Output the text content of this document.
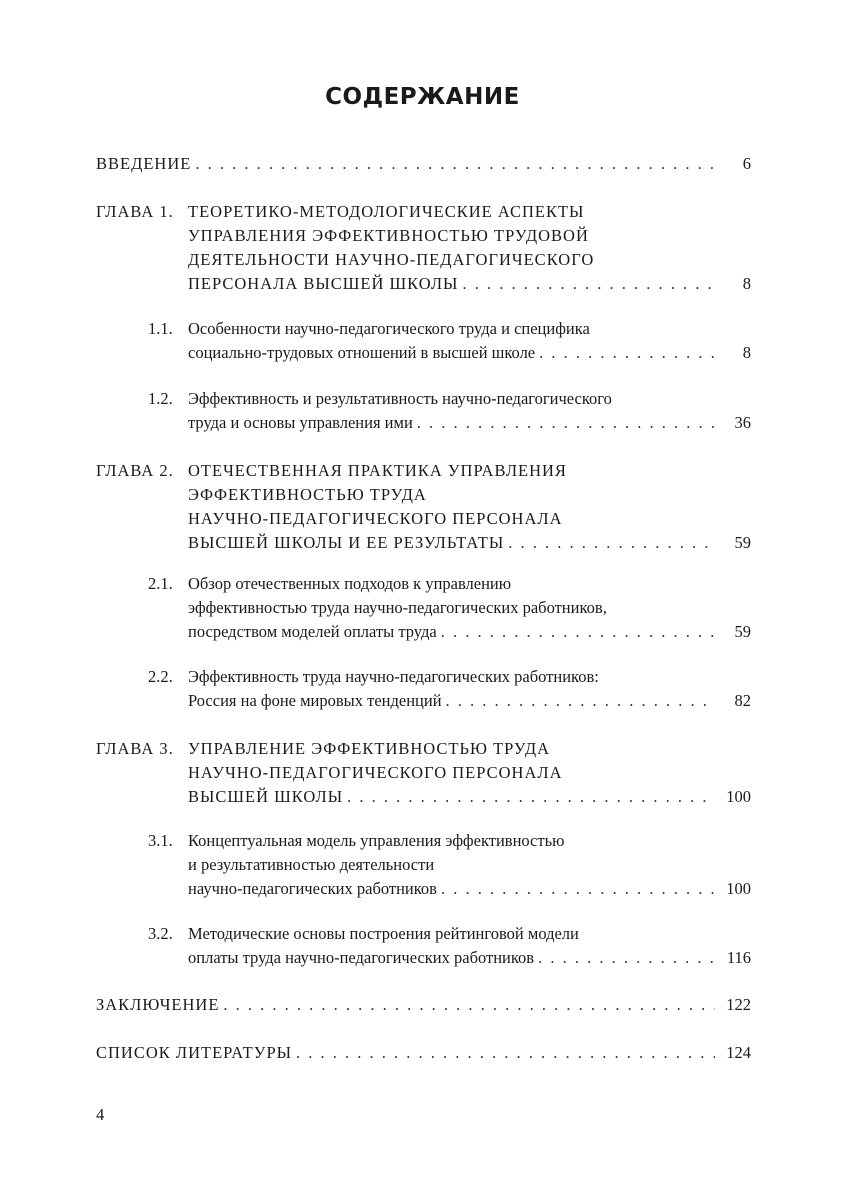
СОДЕРЖАНИЕ
ВВЕДЕНИЕ . . .	6
ГЛАВА 1. ТЕОРЕТИКО-МЕТОДОЛОГИЧЕСКИЕ АСПЕКТЫ
УПРАВЛЕНИЯ ЭФФЕКТИВНОСТЬЮ ТРУДОВОЙ
ДЕЯТЕЛЬНОСТИ НАУЧНО-ПЕДАГОГИЧЕСКОГО
ПЕРСОНАЛА ВЫСШЕЙ ШКОЛЫ . . .	8
1.1. Особенности научно-педагогического труда и специфика
социально-трудовых отношений в высшей школе . . .	8
1.2. Эффективность и результативность научно-педагогического
труда и основы управления ими . . .	36
ГЛАВА 2. ОТЕЧЕСТВЕННАЯ ПРАКТИКА УПРАВЛЕНИЯ
ЭФФЕКТИВНОСТЬЮ ТРУДА
НАУЧНО-ПЕДАГОГИЧЕСКОГО ПЕРСОНАЛА
ВЫСШЕЙ ШКОЛЫ И ЕЕ РЕЗУЛЬТАТЫ . . .	59
2.1. Обзор отечественных подходов к управлению
эффективностью труда научно-педагогических работников,
посредством моделей оплаты труда . . .	59
2.2. Эффективность труда научно-педагогических работников:
Россия на фоне мировых тенденций . . .	82
ГЛАВА 3. УПРАВЛЕНИЕ ЭФФЕКТИВНОСТЬЮ ТРУДА
НАУЧНО-ПЕДАГОГИЧЕСКОГО ПЕРСОНАЛА
ВЫСШЕЙ ШКОЛЫ . . .	100
3.1. Концептуальная модель управления эффективностью
и результативностью деятельности
научно-педагогических работников . . .	100
3.2. Методические основы построения рейтинговой модели
оплаты труда научно-педагогических работников . . .	116
ЗАКЛЮЧЕНИЕ . . .	122
СПИСОК ЛИТЕРАТУРЫ . . .	124
4
